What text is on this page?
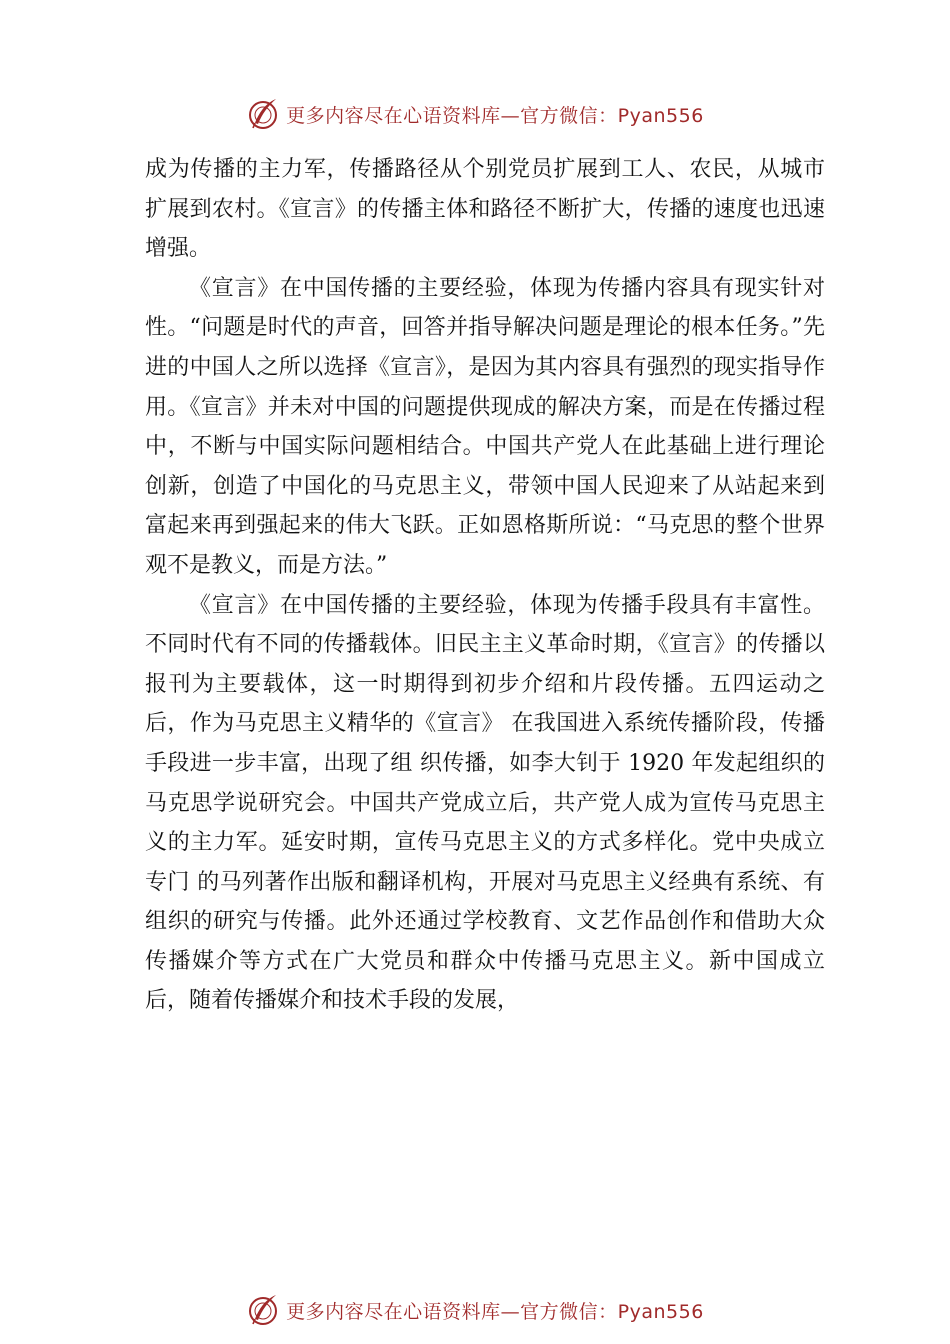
更多内容尽在心语资料库—官方微信：Pyan556

成为传播的主力军，传播路径从个别党员扩展到工人、农民，从城市扩展到农村。《宣言》的传播主体和路径不断扩大，传播的速度也迅速增强。

《宣言》在中国传播的主要经验，体现为传播内容具有现实针对性。“问题是时代的声音，回答并指导解决问题是理论的根本任务。”先进的中国人之所以选择《宣言》，是因为其内容具有强烈的现实指导作用。《宣言》并未对中国的问题提供现成的解决方案，而是在传播过程中，不断与中国实际问题相结合。中国共产党人在此基础上进行理论创新，创造了中国化的马克思主义，带领中国人民迎来了从站起来到富起来再到强起来的伟大飞跃。正如恩格斯所说：“马克思的整个世界观不是教义，而是方法。”

《宣言》在中国传播的主要经验，体现为传播手段具有丰富性。不同时代有不同的传播载体。旧民主主义革命时期，《宣言》的传播以报刊为主要载体，这一时期得到初步介绍和片段传播。五四运动之后，作为马克思主义精华的《宣言》 在我国进入系统传播阶段，传播手段进一步丰富，出现了组 织传播，如李大钊于 1920 年发起组织的马克思学说研究会。中国共产党成立后，共产党人成为宣传马克思主义的主力军。延安时期，宣传马克思主义的方式多样化。党中央成立专门 的马列著作出版和翻译机构，开展对马克思主义经典有系统、有组织的研究与传播。此外还通过学校教育、文艺作品创作和借助大众传播媒介等方式在广大党员和群众中传播马克思主义。新中国成立后，随着传播媒介和技术手段的发展，

更多内容尽在心语资料库—官方微信：Pyan556
